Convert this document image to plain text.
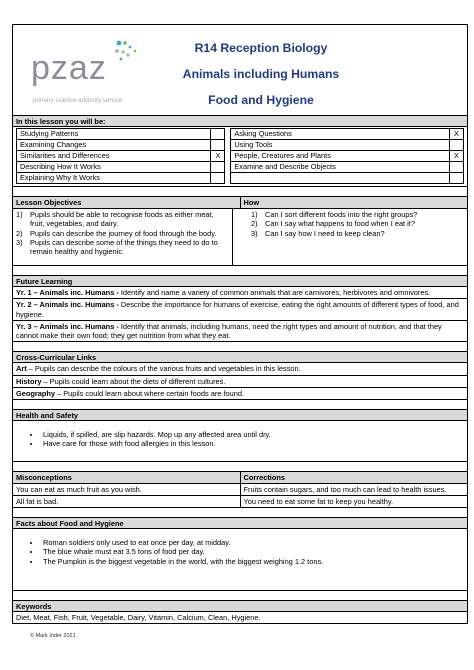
pzaz
primary science advisory service
R14 Reception Biology
Animals including Humans
Food and Hygiene
In this lesson you will be:
Studying Patterns			Asking Questions	X
Examining Changes			Using Tools	
Similarities and Differences	X		People, Creatures and Plants	X
Describing How It Works			Examine and Describe Objects	
Explaining Why It Works				
Lesson Objectives	How
1)	Pupils should be able to recognise foods as either meat, fruit, vegetables, and dairy.
2)	Pupils can describe the journey of food through the body.
3)	Pupils can describe some of the things they need to do to remain healthy and hygienic.
1)	Can I sort different foods into the right groups?
2)	Can I say what happens to food when I eat it?
3)	Can I say how I need to keep clean?
Future Learning
Yr. 1 – Animals inc. Humans - Identify and name a variety of common animals that are carnivores, herbivores and omnivores.
Yr. 2 – Animals inc. Humans - Describe the importance for humans of exercise, eating the right amounts of different types of food, and hygiene.
Yr. 3 – Animals inc. Humans - Identify that animals, including humans, need the right types and amount of nutrition, and that they cannot make their own food; they get nutrition from what they eat.
Cross-Curricular Links
Art – Pupils can describe the colours of the various fruits and vegetables in this lesson.
History – Pupils could learn about the diets of different cultures.
Geography – Pupils could learn about where certain foods are found.
Health and Safety
• Liquids, if spilled, are slip hazards. Mop up any affected area until dry.
• Have care for those with food allergies in this lesson.
Misconceptions	Corrections
You can eat as much fruit as you wish.	Fruits contain sugars, and too much can lead to health issues.
All fat is bad.	You need to eat some fat to keep you healthy.
Facts about Food and Hygiene
• Roman soldiers only used to eat once per day, at midday.
• The blue whale must eat 3.5 tons of food per day.
• The Pumpkin is the biggest vegetable in the world, with the biggest weighing 1.2 tons.
Keywords
Diet, Meat, Fish, Fruit, Vegetable, Dairy, Vitamin, Calcium, Clean, Hygiene.
© Mark Inder 2021
